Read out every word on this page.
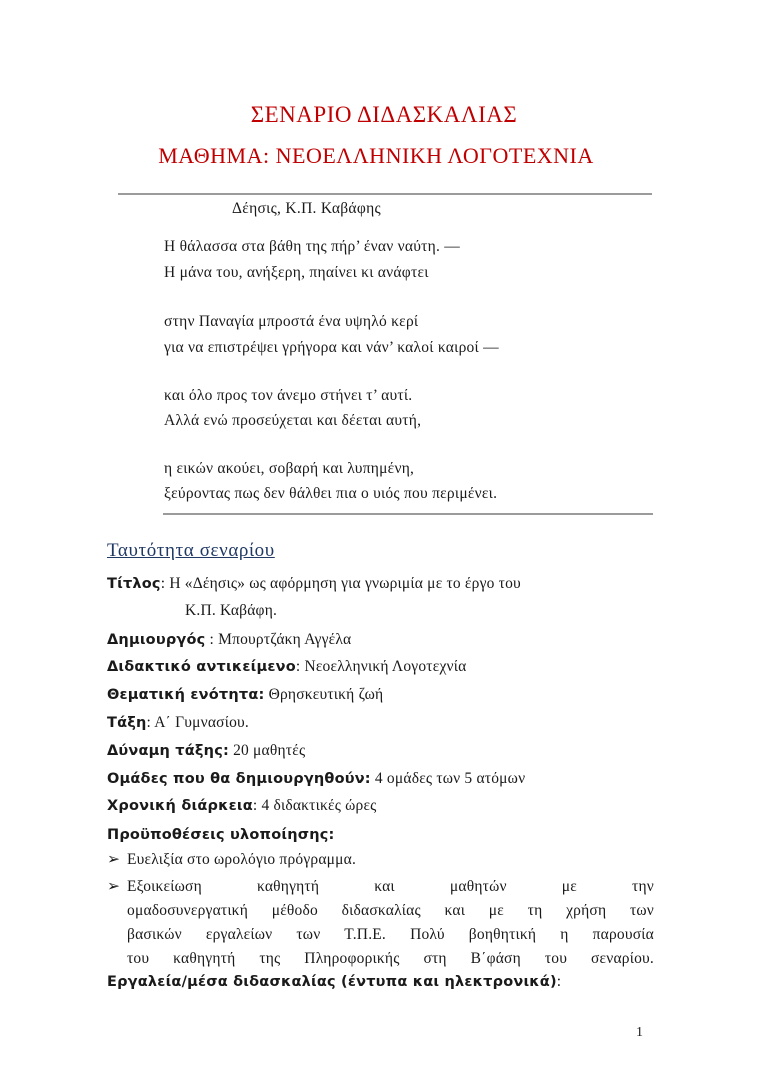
ΣΕΝΑΡΙΟ ΔΙΔΑΣΚΑΛΙΑΣ
ΜΑΘΗΜΑ: ΝΕΟΕΛΛΗΝΙΚΗ ΛΟΓΟΤΕΧΝΙΑ
Δέησις, Κ.Π. Καβάφης
Η θάλασσα στα βάθη της πήρ’ έναν ναύτη. —
Η μάνα του, ανήξερη, πηαίνει κι ανάφτει
στην Παναγία μπροστά ένα υψηλό κερί
για να επιστρέψει γρήγορα και νάν’ καλοί καιροί —
και όλο προς τον άνεμο στήνει τ’ αυτί.
Αλλά ενώ προσεύχεται και δέεται αυτή,
η εικών ακούει, σοβαρή και λυπημένη,
ξεύροντας πως δεν θάλθει πια ο υιός που περιμένει.
Ταυτότητα σεναρίου
Τίτλος: Η «Δέησις» ως αφόρμηση για γνωριμία με το έργο του
Κ.Π. Καβάφη.
Δημιουργός : Μπουρτζάκη Αγγέλα
Διδακτικό αντικείμενο: Νεοελληνική Λογοτεχνία
Θεματική ενότητα: Θρησκευτική ζωή
Τάξη: Α΄ Γυμνασίου.
Δύναμη τάξης: 20 μαθητές
Ομάδες που θα δημιουργηθούν: 4 ομάδες των 5 ατόμων
Χρονική διάρκεια: 4 διδακτικές ώρες
Προϋποθέσεις υλοποίησης:
➢ Ευελιξία στο ωρολόγιο πρόγραμμα.
➢ Εξοικείωση καθηγητή και μαθητών με την
ομαδοσυνεργατική μέθοδο διδασκαλίας και με τη χρήση των
βασικών εργαλείων των Τ.Π.Ε. Πολύ βοηθητική η παρουσία
του καθηγητή της Πληροφορικής στη Β΄φάση του σεναρίου.
Εργαλεία/μέσα διδασκαλίας (έντυπα και ηλεκτρονικά):
1
